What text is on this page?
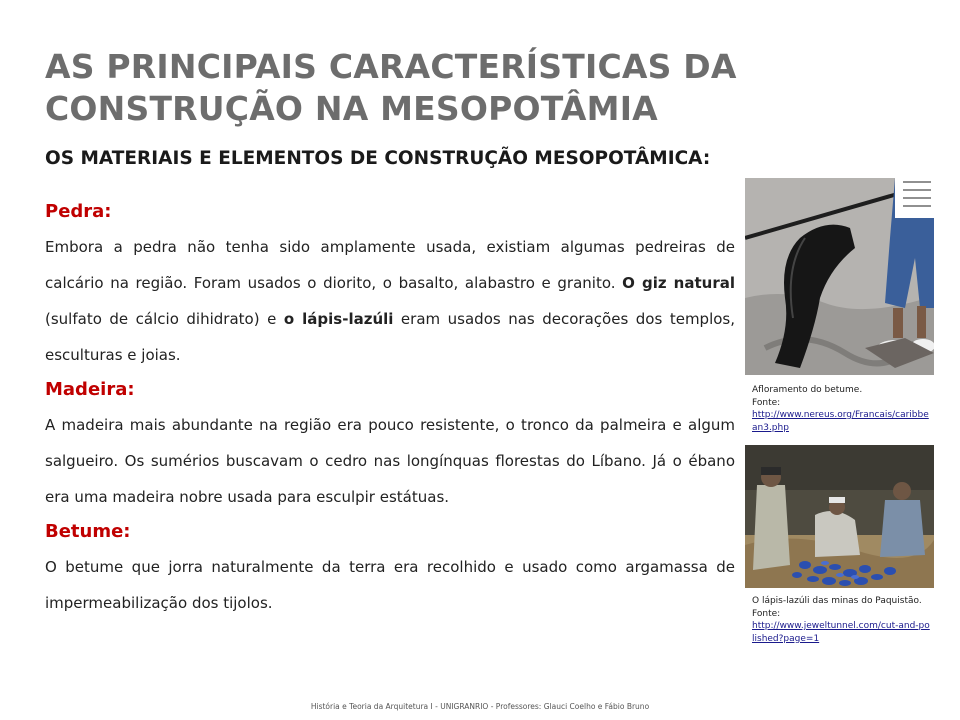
AS PRINCIPAIS CARACTERÍSTICAS DA
CONSTRUÇÃO NA MESOPOTÂMIA
OS MATERIAIS E ELEMENTOS DE CONSTRUÇÃO MESOPOTÂMICA:
Pedra:

Embora a pedra não tenha sido amplamente usada, existiam algumas pedreiras de calcário na região. Foram usados o diorito, o basalto, alabastro e granito. O giz natural (sulfato de cálcio dihidrato) e o lápis-lazúli eram usados nas decorações dos templos, esculturas e joias.

Madeira:

A madeira mais abundante na região era pouco resistente, o tronco da palmeira e algum salgueiro. Os sumérios buscavam o cedro nas longínquas florestas do Líbano. Já o ébano era uma madeira nobre usada para esculpir estátuas.

Betume:

O betume que jorra naturalmente da terra era recolhido e usado como argamassa de impermeabilização dos tijolos.

Afloramento do betume.
Fonte:
http://www.nereus.org/Francais/caribbean3.php
O lápis-lazúli das minas do Paquistão.
Fonte:
http://www.jeweltunnel.com/cut-and-polished?page=1
História e Teoria da Arquitetura I - UNIGRANRIO - Professores: Glauci Coelho e Fábio Bruno
